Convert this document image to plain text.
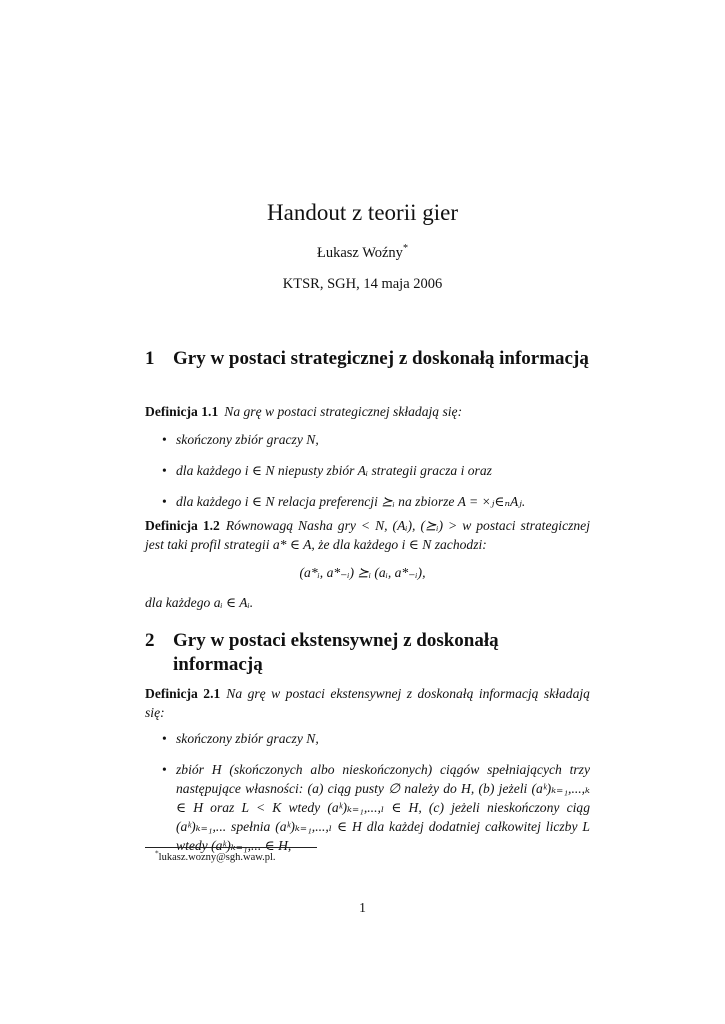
Handout z teorii gier
Łukasz Woźny*
KTSR, SGH, 14 maja 2006
1 Gry w postaci strategicznej z doskonałą informacją
Definicja 1.1 Na grę w postaci strategicznej składają się:
• skończony zbiór graczy N,
• dla każdego i ∈ N niepusty zbiór Aᵢ strategii gracza i oraz
• dla każdego i ∈ N relacja preferencji ⪰ᵢ na zbiorze A = ×ⱼ∈ₙAⱼ.
Definicja 1.2 Równowagą Nasha gry < N, (Aᵢ), (⪰ᵢ) > w postaci strategicznej jest taki profil strategii a* ∈ A, że dla każdego i ∈ N zachodzi:
(a*ᵢ, a*₋ᵢ) ⪰ᵢ (aᵢ, a*₋ᵢ),
dla każdego aᵢ ∈ Aᵢ.
2 Gry w postaci ekstensywnej z doskonałą informacją
Definicja 2.1 Na grę w postaci ekstensywnej z doskonałą informacją składają się:
• skończony zbiór graczy N,
• zbiór H (skończonych albo nieskończonych) ciągów spełniających trzy następujące własności: (a) ciąg pusty ∅ należy do H, (b) jeżeli (aᵏ)ₖ₌₁,...,ₖ ∈ H oraz L < K wtedy (aᵏ)ₖ₌₁,...,ₗ ∈ H, (c) jeżeli nieskończony ciąg (aᵏ)ₖ₌₁,... spełnia (aᵏ)ₖ₌₁,...,ₗ ∈ H dla każdej dodatniej całkowitej liczby L wtedy (aᵏ)ₖ₌₁,... ∈ H,
*lukasz.wozny@sgh.waw.pl.
1
